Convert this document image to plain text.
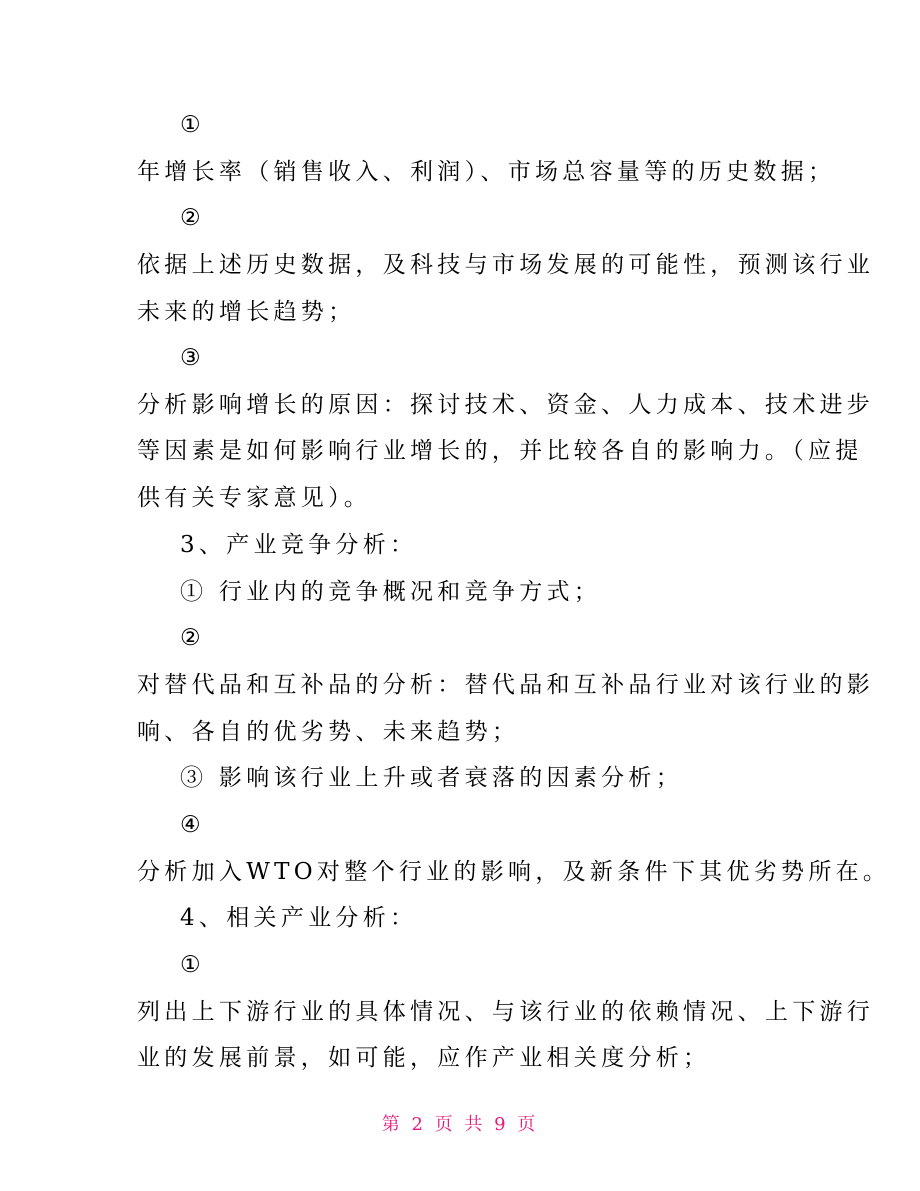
①
年增长率（销售收入、利润）、市场总容量等的历史数据；
②
依据上述历史数据，及科技与市场发展的可能性，预测该行业
未来的增长趋势；
③
分析影响增长的原因：探讨技术、资金、人力成本、技术进步
等因素是如何影响行业增长的，并比较各自的影响力。（应提
供有关专家意见）。
3、产业竞争分析：
① 行业内的竞争概况和竞争方式；
②
对替代品和互补品的分析：替代品和互补品行业对该行业的影
响、各自的优劣势、未来趋势；
③ 影响该行业上升或者衰落的因素分析；
④
分析加入WTO对整个行业的影响，及新条件下其优劣势所在。
4、相关产业分析：
①
列出上下游行业的具体情况、与该行业的依赖情况、上下游行
业的发展前景，如可能，应作产业相关度分析；
第 2 页 共 9 页
